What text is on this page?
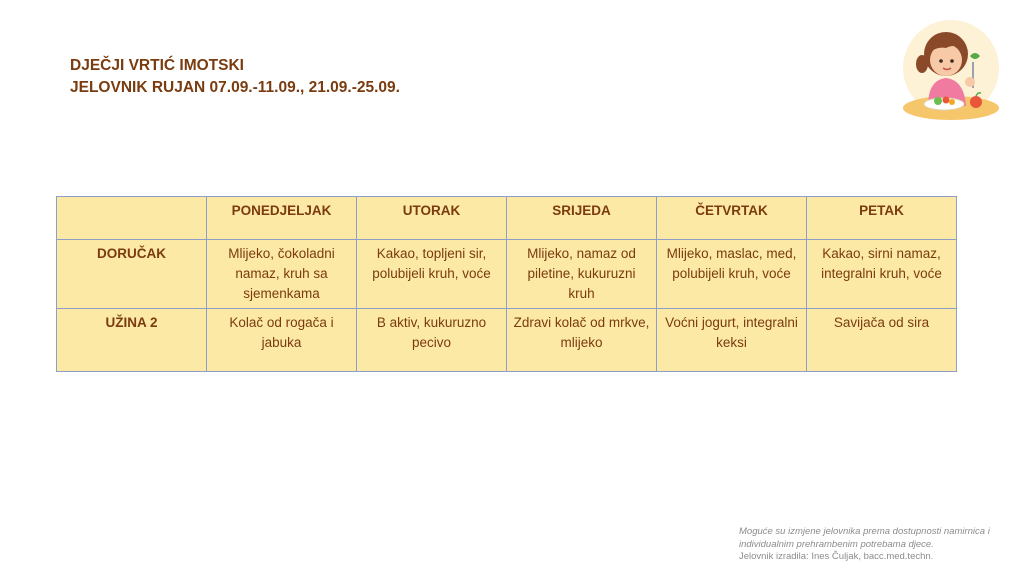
DJEČJI VRTIĆ IMOTSKI
JELOVNIK RUJAN 07.09.-11.09., 21.09.-25.09.
	PONEDJELJAK	UTORAK	SRIJEDA	ČETVRTAK	PETAK
DORUČAK	Mlijeko, čokoladni namaz, kruh sa sjemenkama	Kakao, topljeni sir, polubijeli kruh, voće	Mlijeko, namaz od piletine, kukuruzni kruh	Mlijeko, maslac, med, polubijeli kruh, voće	Kakao, sirni namaz, integralni kruh, voće
UŽINA 2	Kolač od rogača i jabuka	B aktiv, kukuruzno pecivo	Zdravi kolač od mrkve, mlijeko	Voćni jogurt, integralni keksi	Savijača od sira
Moguće su izmjene jelovnika prema dostupnosti namirnica i
individualnim prehrambenim potrebama djece.
Jelovnik izradila: Ines Čuljak, bacc.med.techn.
